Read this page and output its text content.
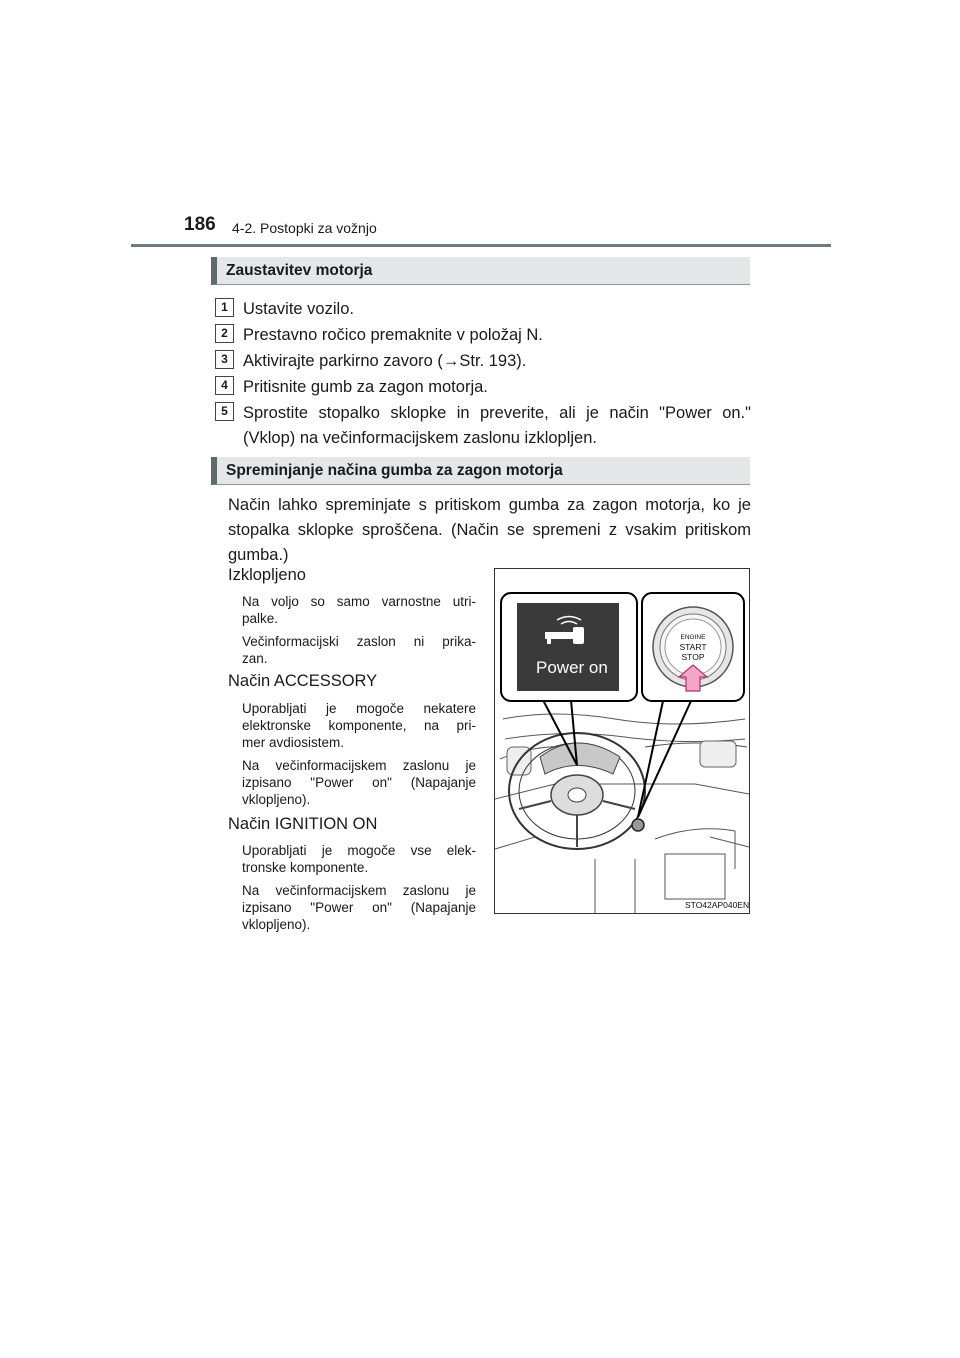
186 4-2. Postopki za vožnjo
Zaustavitev motorja
1 Ustavite vozilo.
2 Prestavno ročico premaknite v položaj N.
3 Aktivirajte parkirno zavoro (→Str. 193).
4 Pritisnite gumb za zagon motorja.
5 Sprostite stopalko sklopke in preverite, ali je način "Power on."
(Vklop) na večinformacijskem zaslonu izklopljen.
Spreminjanje načina gumba za zagon motorja
Način lahko spreminjate s pritiskom gumba za zagon motorja, ko je
stopalka sklopke sproščena. (Način se spremeni z vsakim pritiskom
gumba.)
Izklopljeno
Na voljo so samo varnostne utri-
palke.
Večinformacijski zaslon ni prika-
zan.
Način ACCESSORY
Uporabljati je mogoče nekatere
elektronske komponente, na pri-
mer avdiosistem.
Na večinformacijskem zaslonu je
izpisano "Power on" (Napajanje
vklopljeno).
Način IGNITION ON
Uporabljati je mogoče vse elek-
tronske komponente.
Na večinformacijskem zaslonu je
izpisano "Power on" (Napajanje
vklopljeno).
Power on
ENGINE
START
STOP
STO42AP040EN
